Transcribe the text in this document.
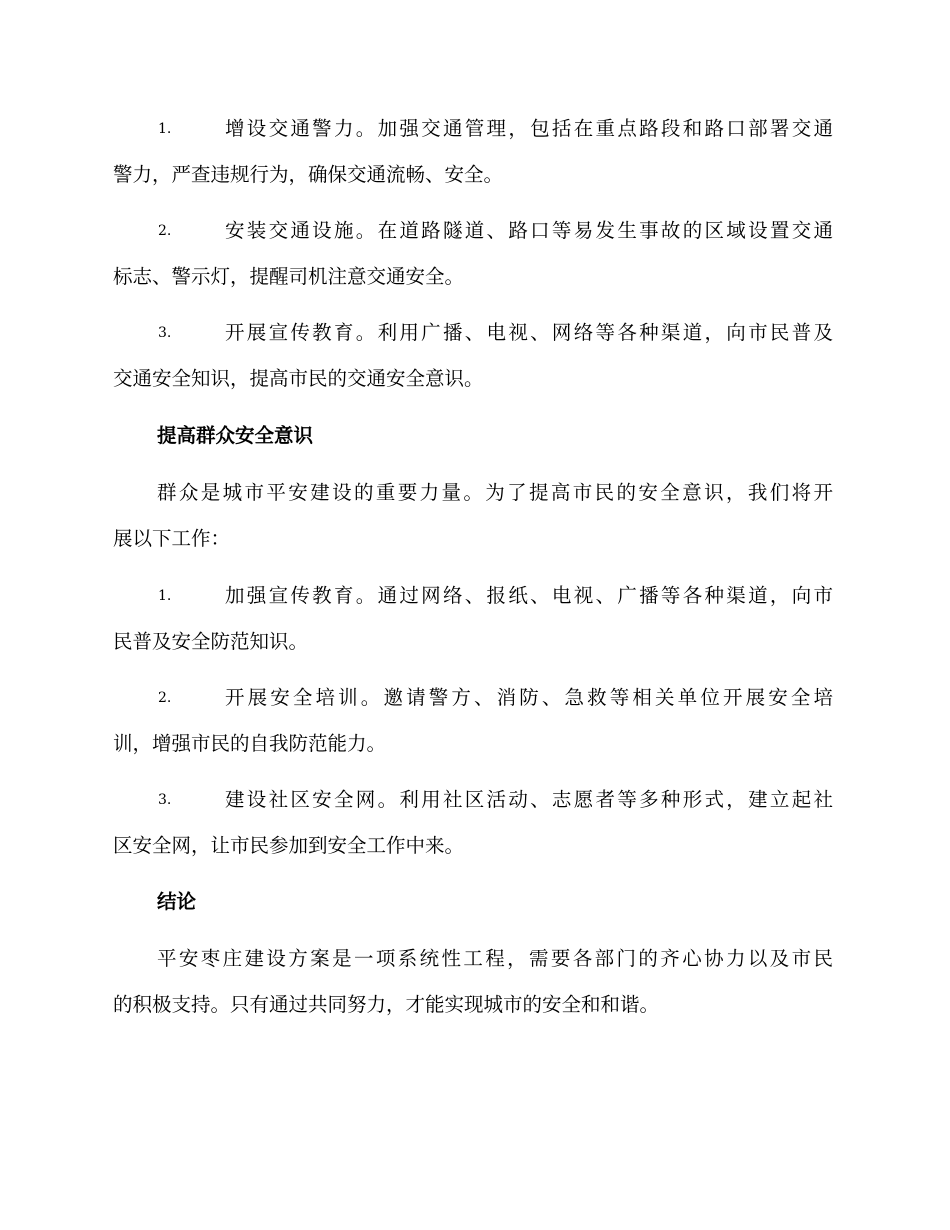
1.	增设交通警力。加强交通管理，包括在重点路段和路口部署交通
警力，严查违规行为，确保交通流畅、安全。
2.	安装交通设施。在道路隧道、路口等易发生事故的区域设置交通
标志、警示灯，提醒司机注意交通安全。
3.	开展宣传教育。利用广播、电视、网络等各种渠道，向市民普及
交通安全知识，提高市民的交通安全意识。
提高群众安全意识
群众是城市平安建设的重要力量。为了提高市民的安全意识，我们将开
展以下工作：
1.	加强宣传教育。通过网络、报纸、电视、广播等各种渠道，向市
民普及安全防范知识。
2.	开展安全培训。邀请警方、消防、急救等相关单位开展安全培
训，增强市民的自我防范能力。
3.	建设社区安全网。利用社区活动、志愿者等多种形式，建立起社
区安全网，让市民参加到安全工作中来。
结论
平安枣庄建设方案是一项系统性工程，需要各部门的齐心协力以及市民
的积极支持。只有通过共同努力，才能实现城市的安全和和谐。
